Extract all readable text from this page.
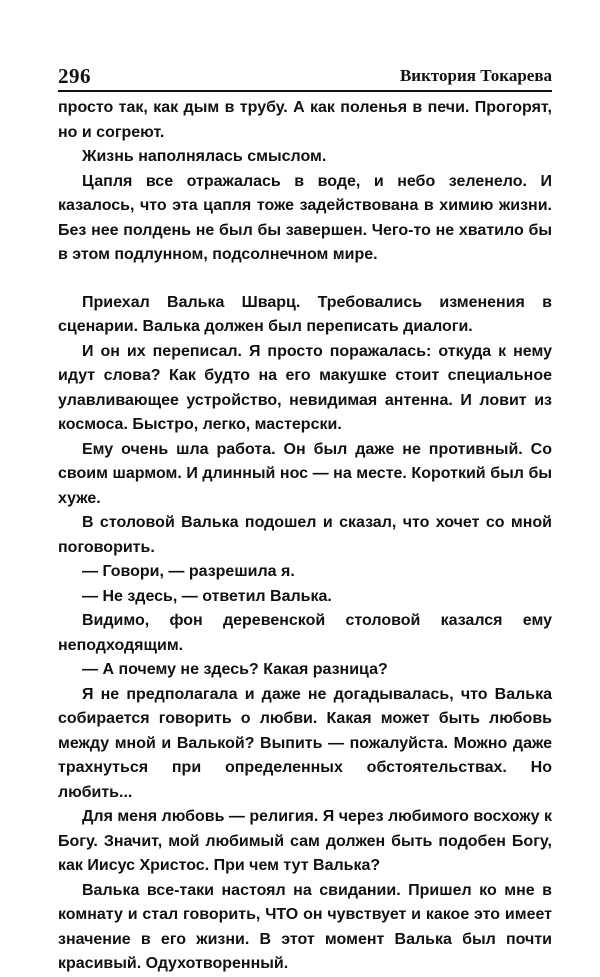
296	Виктория Токарева

просто так, как дым в трубу. А как поленья в печи. Прогорят, но и согреют.

Жизнь наполнялась смыслом.

Цапля все отражалась в воде, и небо зеленело. И казалось, что эта цапля тоже задействована в химию жизни. Без нее полдень не был бы завершен. Чего-то не хватило бы в этом подлунном, подсолнечном мире.

Приехал Валька Шварц. Требовались изменения в сценарии. Валька должен был переписать диалоги.

И он их переписал. Я просто поражалась: откуда к нему идут слова? Как будто на его макушке стоит специальное улавливающее устройство, невидимая антенна. И ловит из космоса. Быстро, легко, мастерски.

Ему очень шла работа. Он был даже не противный. Со своим шармом. И длинный нос — на месте. Короткий был бы хуже.

В столовой Валька подошел и сказал, что хочет со мной поговорить.

— Говори, — разрешила я.

— Не здесь, — ответил Валька.

Видимо, фон деревенской столовой казался ему неподходящим.

— А почему не здесь? Какая разница?

Я не предполагала и даже не догадывалась, что Валька собирается говорить о любви. Какая может быть любовь между мной и Валькой? Выпить — пожалуйста. Можно даже трахнуться при определенных обстоятельствах. Но любить...

Для меня любовь — религия. Я через любимого восхожу к Богу. Значит, мой любимый сам должен быть подобен Богу, как Иисус Христос. При чем тут Валька?

Валька все-таки настоял на свидании. Пришел ко мне в комнату и стал говорить, ЧТО он чувствует и какое это имеет значение в его жизни. В этот момент Валька был почти красивый. Одухотворенный.
